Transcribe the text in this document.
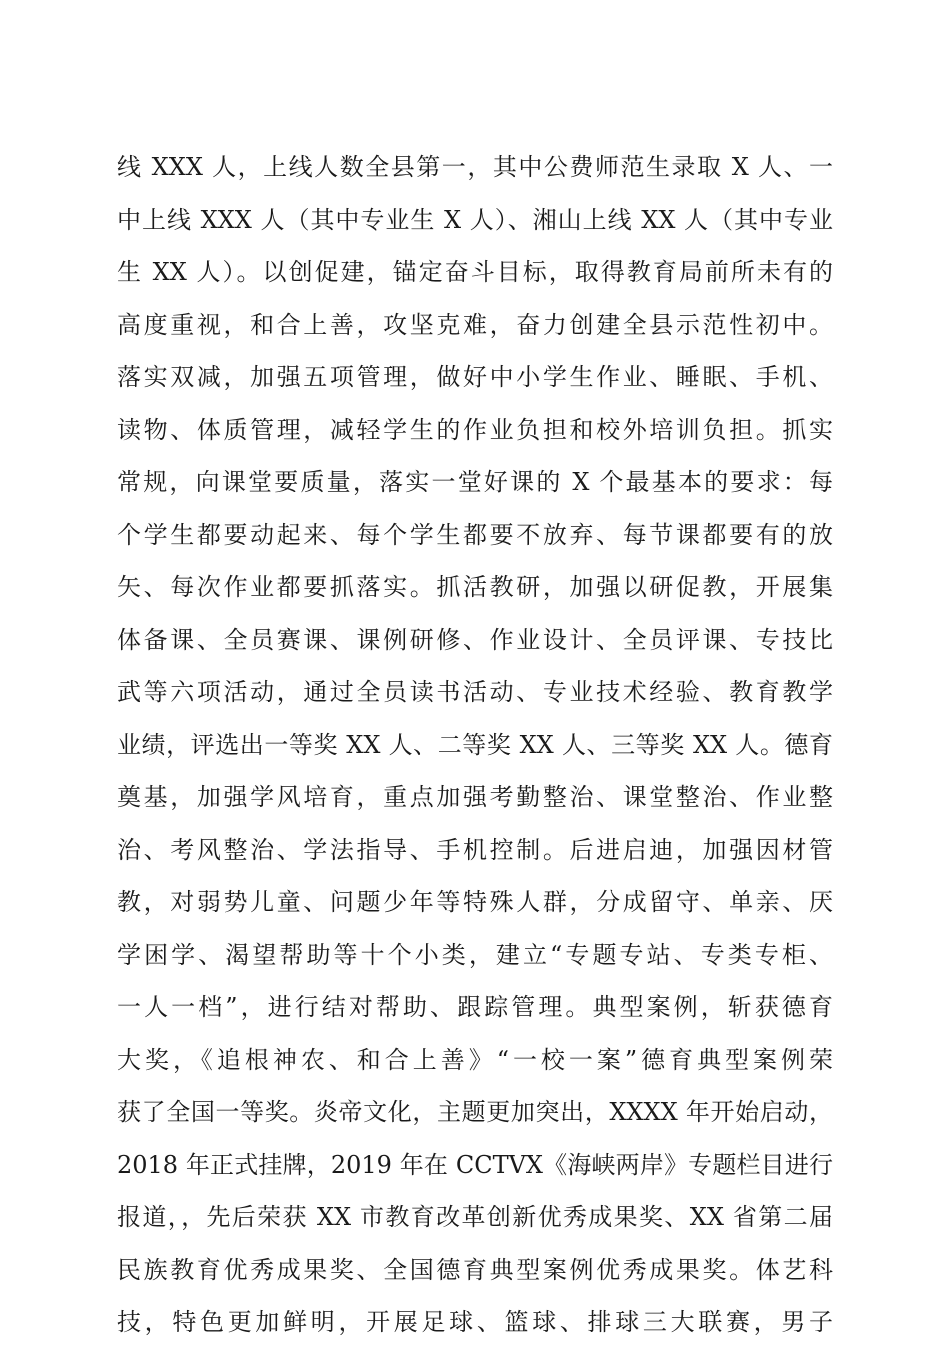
线 XXX 人，上线人数全县第一，其中公费师范生录取 X 人、一
中上线 XXX 人（其中专业生 X 人）、湘山上线 XX 人（其中专业
生 XX 人）。以创促建，锚定奋斗目标，取得教育局前所未有的
高度重视，和合上善，攻坚克难，奋力创建全县示范性初中。
落实双减，加强五项管理，做好中小学生作业、睡眠、手机、
读物、体质管理，减轻学生的作业负担和校外培训负担。抓实
常规，向课堂要质量，落实一堂好课的 X 个最基本的要求：每
个学生都要动起来、每个学生都要不放弃、每节课都要有的放
矢、每次作业都要抓落实。抓活教研，加强以研促教，开展集
体备课、全员赛课、课例研修、作业设计、全员评课、专技比
武等六项活动，通过全员读书活动、专业技术经验、教育教学
业绩，评选出一等奖 XX 人、二等奖 XX 人、三等奖 XX 人。德育
奠基，加强学风培育，重点加强考勤整治、课堂整治、作业整
治、考风整治、学法指导、手机控制。后进启迪，加强因材管
教，对弱势儿童、问题少年等特殊人群，分成留守、单亲、厌
学困学、渴望帮助等十个小类，建立“专题专站、专类专柜、
一人一档”，进行结对帮助、跟踪管理。典型案例，斩获德育
大奖，《追根神农、和合上善》“一校一案”德育典型案例荣
获了全国一等奖。炎帝文化，主题更加突出，XXXX 年开始启动，
2018 年正式挂牌，2019 年在 CCTVX《海峡两岸》专题栏目进行
报道，，先后荣获 XX 市教育改革创新优秀成果奖、XX 省第二届
民族教育优秀成果奖、全国德育典型案例优秀成果奖。体艺科
技，特色更加鲜明，开展足球、篮球、排球三大联赛，男子
